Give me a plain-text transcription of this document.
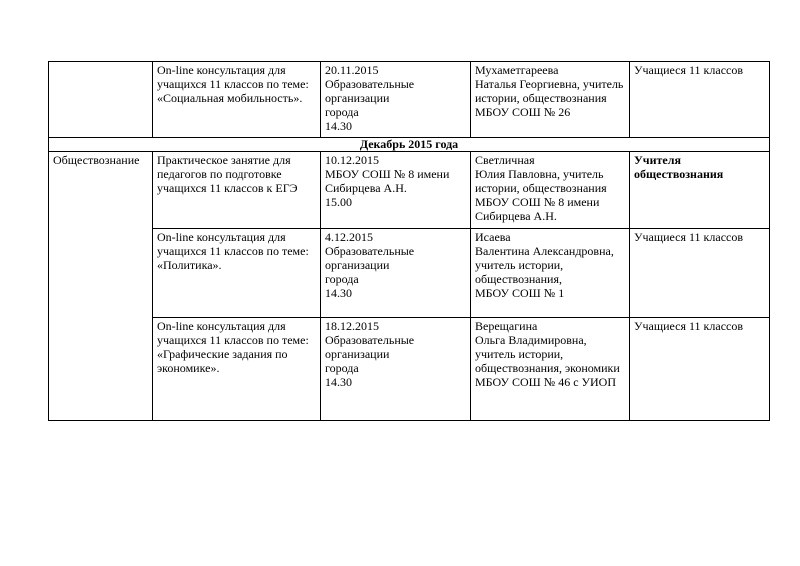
	On-line консультация для учащихся 11 классов по теме: «Социальная мобильность».	20.11.2015
Образовательные организации
города
14.30	Мухаметгареева
Наталья Георгиевна, учитель истории, обществознания
МБОУ СОШ № 26	Учащиеся 11 классов

Декабрь 2015 года				

Обществознание	Практическое занятие для педагогов по подготовке учащихся 11 классов к ЕГЭ	10.12.2015
МБОУ СОШ № 8 имени Сибирцева А.Н.
15.00	Светличная
Юлия Павловна, учитель истории, обществознания МБОУ СОШ № 8 имени Сибирцева А.Н.	Учителя обществознания

	On-line консультация для учащихся 11 классов по теме: «Политика».	4.12.2015
Образовательные организации
города
14.30	Исаева
Валентина Александровна, учитель истории, обществознания,
МБОУ СОШ № 1	Учащиеся 11 классов

	On-line консультация для учащихся 11 классов по теме: «Графические задания по экономике».	18.12.2015
Образовательные организации
города
14.30	Верещагина
Ольга Владимировна, учитель истории, обществознания, экономики
МБОУ СОШ № 46 с УИОП	Учащиеся 11 классов
